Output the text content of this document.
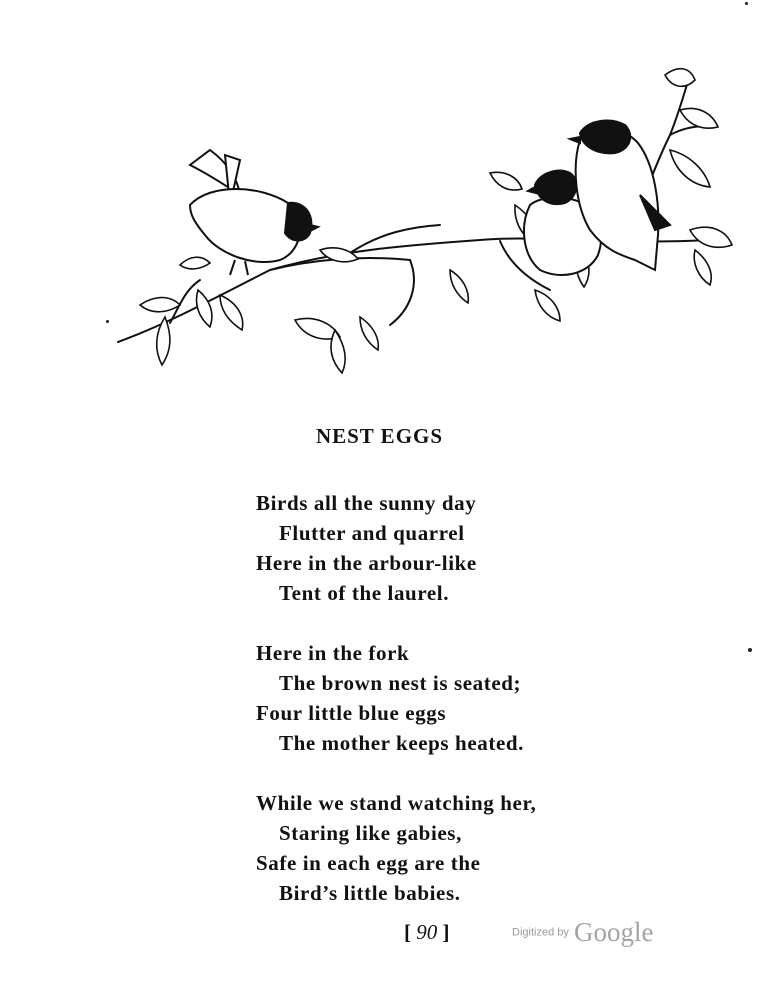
NEST EGGS
Birds all the sunny day
Flutter and quarrel
Here in the arbour-like
Tent of the laurel.
Here in the fork
The brown nest is seated;
Four little blue eggs
The mother keeps heated.
While we stand watching her,
Staring like gabies,
Safe in each egg are the
Bird’s little babies.
[ 90 ]	Digitized by Google
